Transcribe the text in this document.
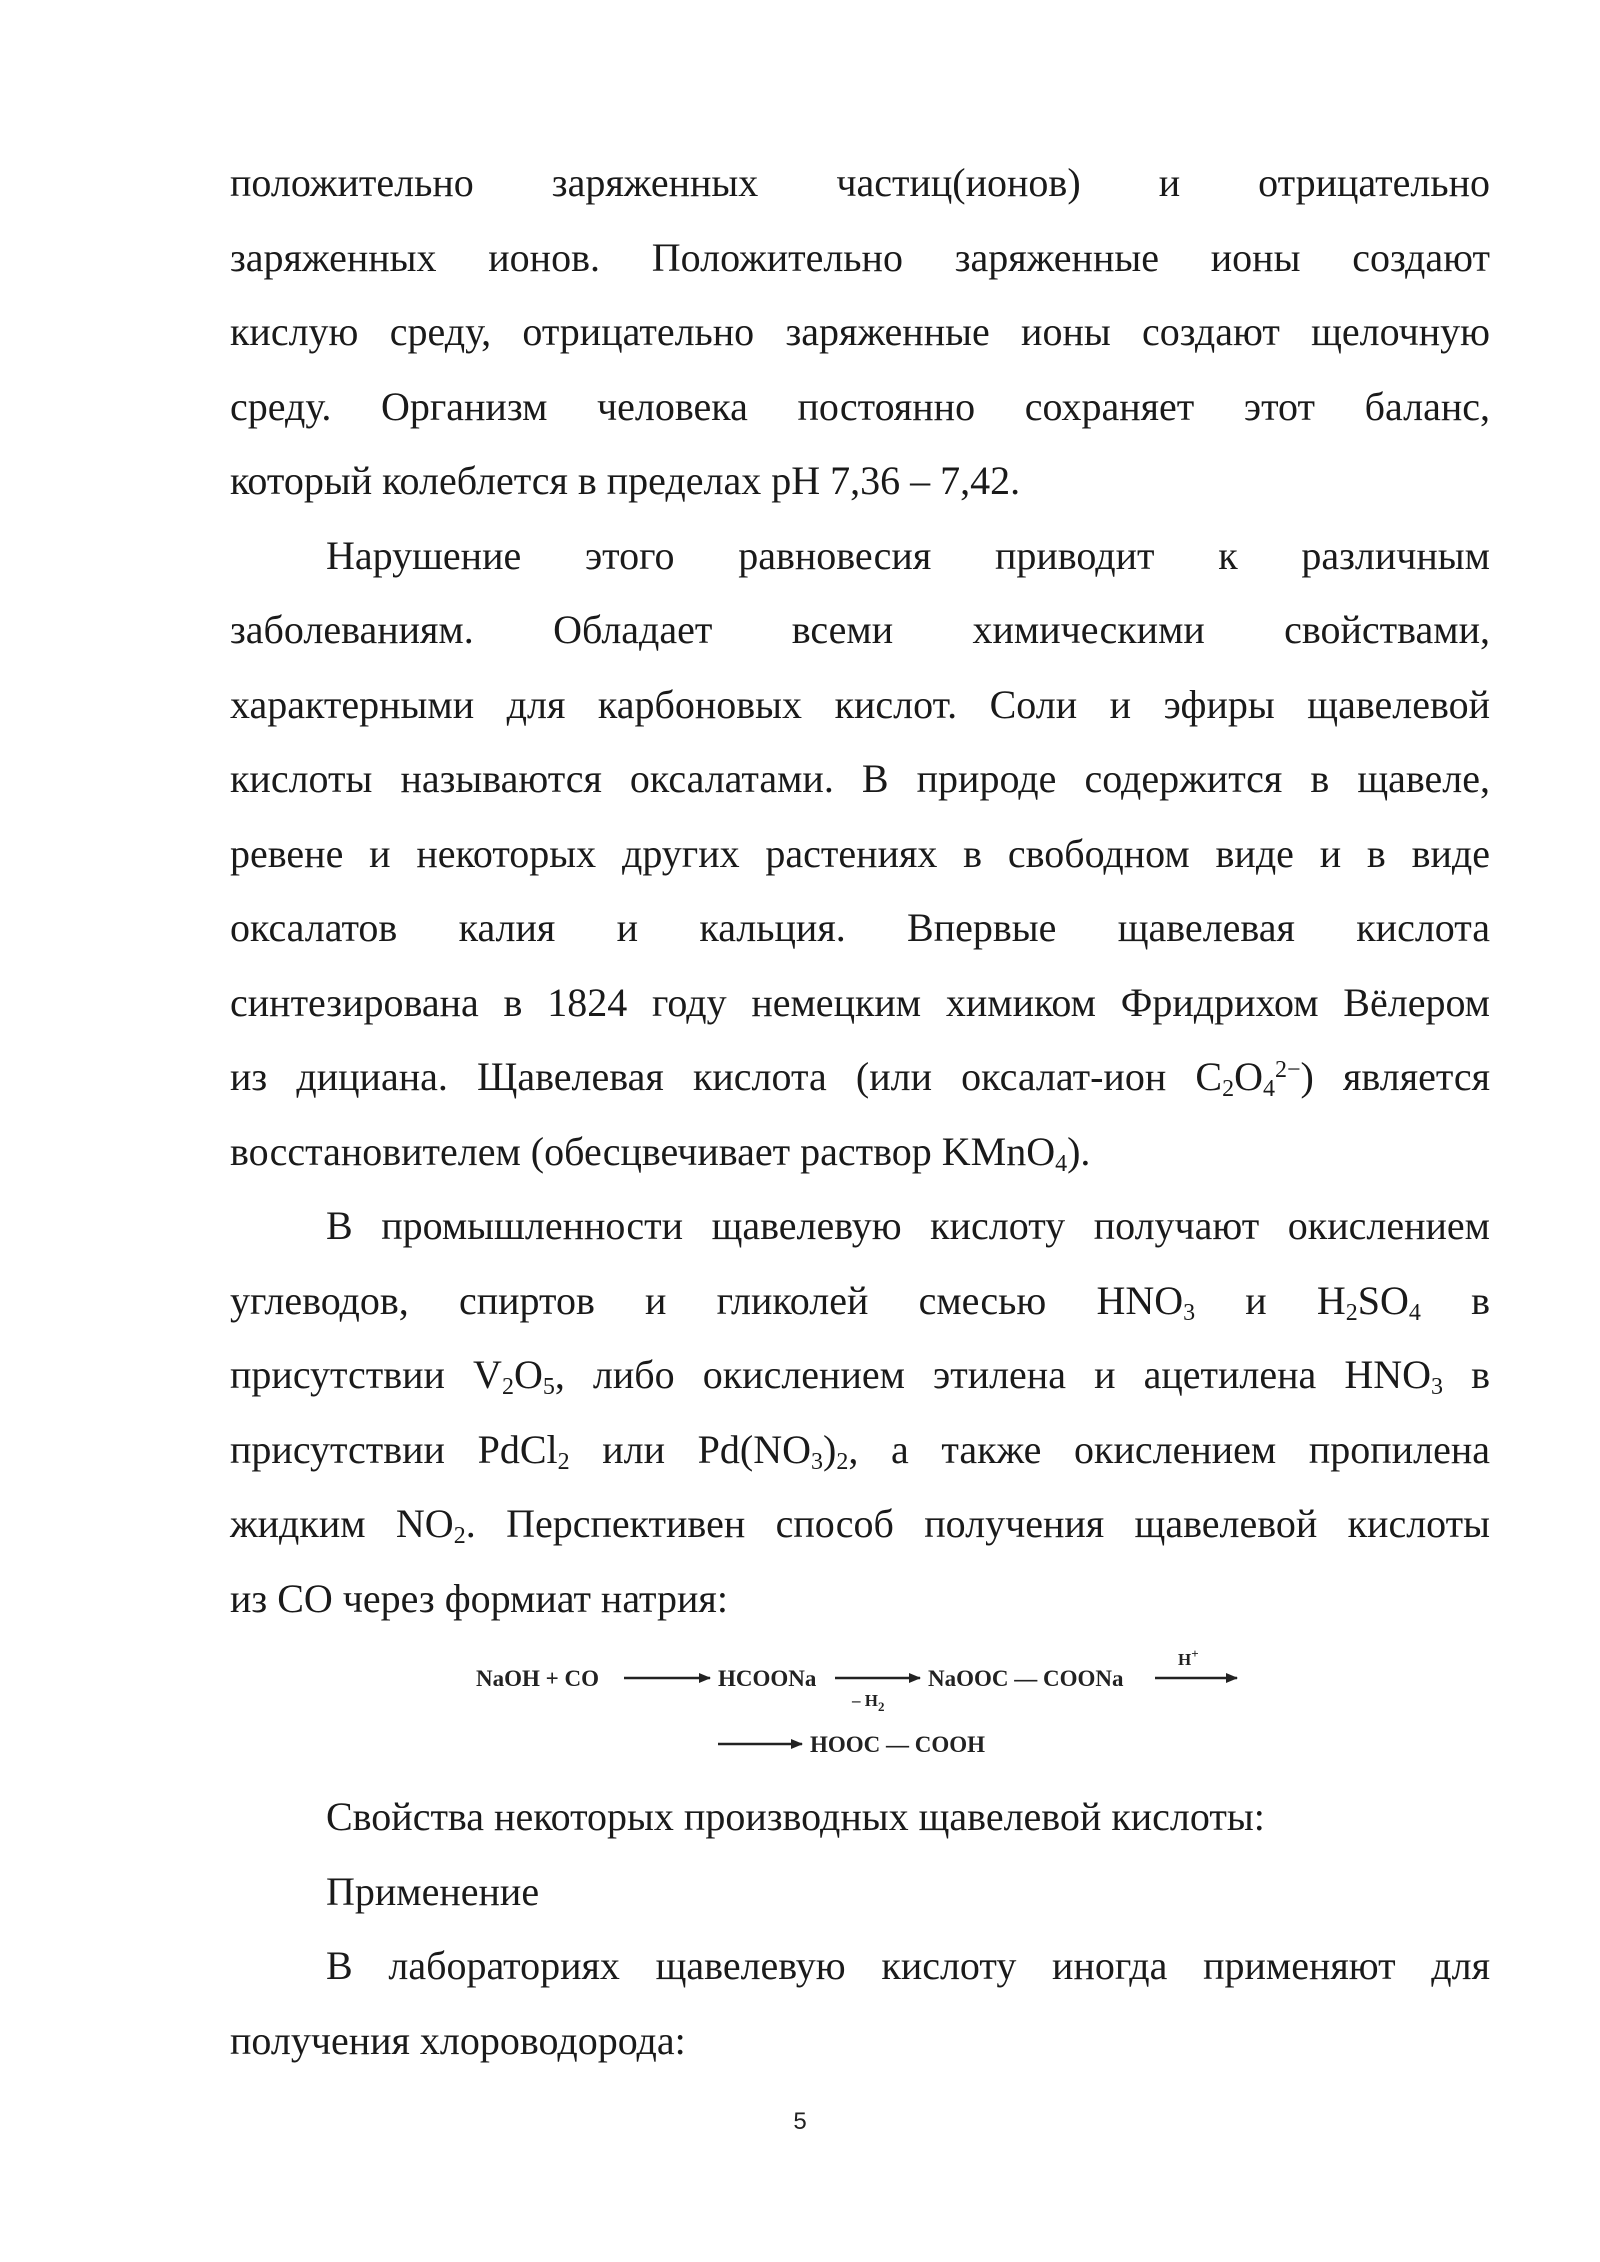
положительно заряженных частиц(ионов) и отрицательно
заряженных ионов. Положительно заряженные ионы создают
кислую среду, отрицательно заряженные ионы создают щелочную
среду. Организм человека постоянно сохраняет этот баланс,
который колеблется в пределах рН 7,36 – 7,42.

Нарушение этого равновесия приводит к различным
заболеваниям. Обладает всеми химическими свойствами,
характерными для карбоновых кислот. Соли и эфиры щавелевой
кислоты называются оксалатами. В природе содержится в щавеле,
ревене и некоторых других растениях в свободном виде и в виде
оксалатов калия и кальция. Впервые щавелевая кислота
синтезирована в 1824 году немецким химиком Фридрихом Вёлером
из дициана. Щавелевая кислота (или оксалат-ион $C_2O_4^{2-}$) является
восстановителем (обесцвечивает раствор KMnO$_4$).

В промышленности щавелевую кислоту получают окислением
углеводов, спиртов и гликолей смесью $HNO_3$ и $H_2SO_4$ в
присутствии $V_2O_5$, либо окислением этилена и ацетилена $HNO_3$ в
присутствии PdCl$_2$ или $Pd(NO_3)_2$, а также окислением пропилена
жидким $NO_2$. Перспективен способ получения щавелевой кислоты
из CO через формиат натрия:

NaOH + CO	HCOONa
– $H_2$
NaOOC — COONa
H+
HOOC — COOH

Свойства некоторых производных щавелевой кислоты:

Применение

В лабораториях щавелевую кислоту иногда применяют для
получения хлороводорода:

5
